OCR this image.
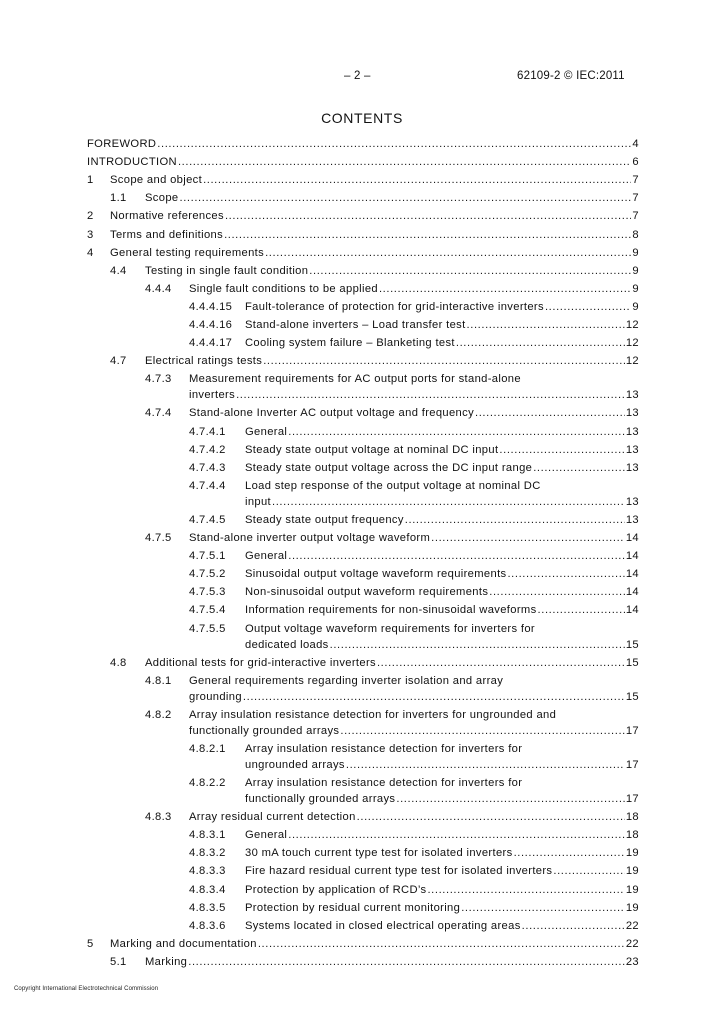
– 2 –	62109-2 © IEC:2011
CONTENTS
FOREWORD .....	4
INTRODUCTION .....	6
1 Scope and object .....	7
1.1 Scope .....	7
2 Normative references .....	7
3 Terms and definitions .....	8
4 General testing requirements .....	9
4.4 Testing in single fault condition .....	9
4.4.4 Single fault conditions to be applied .....	9
4.4.4.15 Fault-tolerance of protection for grid-interactive inverters .....	9
4.4.4.16 Stand-alone inverters – Load transfer test .....	12
4.4.4.17 Cooling system failure – Blanketing test .....	12
4.7 Electrical ratings tests .....	12
4.7.3 Measurement requirements for AC output ports for stand-alone
inverters .....	13
4.7.4 Stand-alone Inverter AC output voltage and frequency .....	13
4.7.4.1 General .....	13
4.7.4.2 Steady state output voltage at nominal DC input .....	13
4.7.4.3 Steady state output voltage across the DC input range .....	13
4.7.4.4 Load step response of the output voltage at nominal DC
input .....	13
4.7.4.5 Steady state output frequency .....	13
4.7.5 Stand-alone inverter output voltage waveform .....	14
4.7.5.1 General .....	14
4.7.5.2 Sinusoidal output voltage waveform requirements .....	14
4.7.5.3 Non-sinusoidal output waveform requirements .....	14
4.7.5.4 Information requirements for non-sinusoidal waveforms .....	14
4.7.5.5 Output voltage waveform requirements for inverters for
dedicated loads .....	15
4.8 Additional tests for grid-interactive inverters .....	15
4.8.1 General requirements regarding inverter isolation and array
grounding .....	15
4.8.2 Array insulation resistance detection for inverters for ungrounded and
functionally grounded arrays .....	17
4.8.2.1 Array insulation resistance detection for inverters for
ungrounded arrays .....	17
4.8.2.2 Array insulation resistance detection for inverters for
functionally grounded arrays .....	17
4.8.3 Array residual current detection .....	18
4.8.3.1 General .....	18
4.8.3.2 30 mA touch current type test for isolated inverters .....	19
4.8.3.3 Fire hazard residual current type test for isolated inverters .....	19
4.8.3.4 Protection by application of RCD’s .....	19
4.8.3.5 Protection by residual current monitoring .....	19
4.8.3.6 Systems located in closed electrical operating areas .....	22
5 Marking and documentation .....	22
5.1 Marking .....	23
Copyright International Electrotechnical Commission
